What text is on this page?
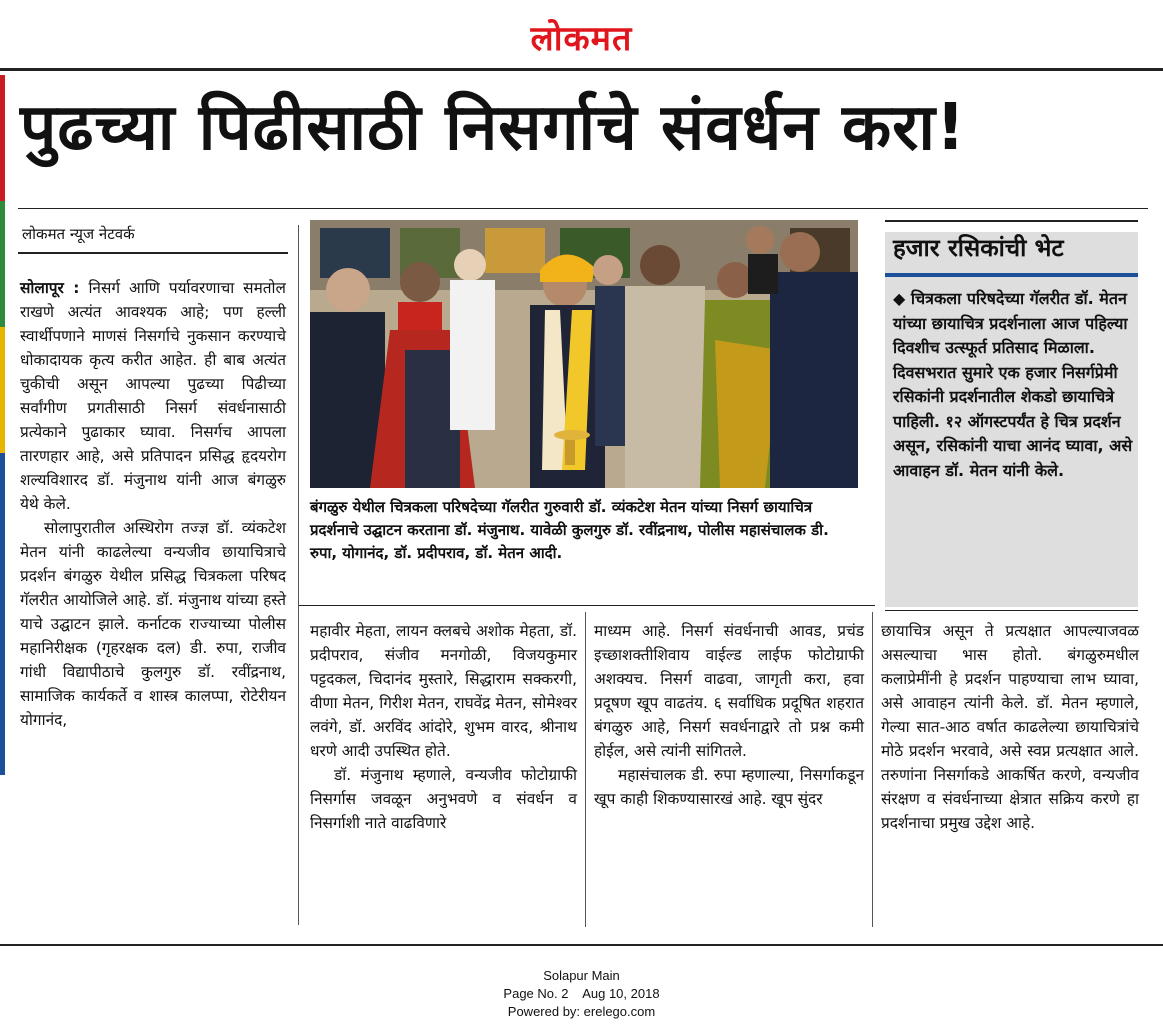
लोकमत
पुढच्या पिढीसाठी निसर्गाचे संवर्धन करा!
लोकमत न्यूज नेटवर्क

सोलापूर : निसर्ग आणि पर्यावरणाचा समतोल राखणे अत्यंत आवश्यक आहे; पण हल्ली स्वार्थीपणाने माणसं निसर्गाचे नुकसान करण्याचे धोकादायक कृत्य करीत आहेत. ही बाब अत्यंत चुकीची असून आपल्या पुढच्या पिढीच्या सर्वांगीण प्रगतीसाठी निसर्ग संवर्धनासाठी प्रत्येकाने पुढाकार घ्यावा. निसर्गच आपला तारणहार आहे, असे प्रतिपादन प्रसिद्ध हृदयरोग शल्यविशारद डॉ. मंजुनाथ यांनी आज बंगळुरु येथे केले.

सोलापुरातील अस्थिरोग तज्ज्ञ डॉ. व्यंकटेश मेतन यांनी काढलेल्या वन्यजीव छायाचित्राचे प्रदर्शन बंगळुरु येथील प्रसिद्ध चित्रकला परिषद गॅलरीत आयोजिले आहे. डॉ. मंजुनाथ यांच्या हस्ते याचे उद्घाटन झाले. कर्नाटक राज्याच्या पोलीस महानिरीक्षक (गृहरक्षक दल) डी. रुपा, राजीव गांधी विद्यापीठाचे कुलगुरु डॉ. रवींद्रनाथ, सामाजिक कार्यकर्ते व शास्त्र कालप्पा, रोटेरीयन योगानंद,

बंगळुरु येथील चित्रकला परिषदेच्या गॅलरीत गुरुवारी डॉ. व्यंकटेश मेतन यांच्या निसर्ग छायाचित्र प्रदर्शनाचे उद्घाटन करताना डॉ. मंजुनाथ. यावेळी कुलगुरु डॉ. रवींद्रनाथ, पोलीस महासंचालक डी. रुपा, योगानंद, डॉ. प्रदीपराव, डॉ. मेतन आदी.
हजार रसिकांची भेट
◆ चित्रकला परिषदेच्या गॅलरीत डॉ. मेतन यांच्या छायाचित्र प्रदर्शनाला आज पहिल्या दिवशीच उत्स्फूर्त प्रतिसाद मिळाला. दिवसभरात सुमारे एक हजार निसर्गप्रेमी रसिकांनी प्रदर्शनातील शेकडो छायाचित्रे पाहिली. १२ ऑगस्टपर्यंत हे चित्र प्रदर्शन असून, रसिकांनी याचा आनंद घ्यावा, असे आवाहन डॉ. मेतन यांनी केले.

महावीर मेहता, लायन क्लबचे अशोक मेहता, डॉ. प्रदीपराव, संजीव मनगोळी, विजयकुमार पट्टदकल, चिदानंद मुस्तारे, सिद्धाराम सक्करगी, वीणा मेतन, गिरीश मेतन, राघवेंद्र मेतन, सोमेश्वर लवंगे, डॉ. अरविंद आंदोरे, शुभम वारद, श्रीनाथ धरणे आदी उपस्थित होते.

डॉ. मंजुनाथ म्हणाले, वन्यजीव फोटोग्राफी निसर्गास जवळून अनुभवणे व संवर्धन व निसर्गाशी नाते वाढविणारे

माध्यम आहे. निसर्ग संवर्धनाची आवड, प्रचंड इच्छाशक्तीशिवाय वाईल्ड लाईफ फोटोग्राफी अशक्यच. निसर्ग वाढवा, जागृती करा, हवा प्रदूषण खूप वाढतंय. ६ सर्वाधिक प्रदूषित शहरात बंगळुरु आहे, निसर्ग सवर्धनाद्वारे तो प्रश्न कमी होईल, असे त्यांनी सांगितले.

महासंचालक डी. रुपा म्हणाल्या, निसर्गाकडून खूप काही शिकण्यासारखं आहे. खूप सुंदर

छायाचित्र असून ते प्रत्यक्षात आपल्याजवळ असल्याचा भास होतो. बंगळुरुमधील कलाप्रेमींनी हे प्रदर्शन पाहण्याचा लाभ घ्यावा, असे आवाहन त्यांनी केले. डॉ. मेतन म्हणाले, गेल्या सात-आठ वर्षात काढलेल्या छायाचित्रांचे मोठे प्रदर्शन भरवावे, असे स्वप्न प्रत्यक्षात आले. तरुणांना निसर्गाकडे आकर्षित करणे, वन्यजीव संरक्षण व संवर्धनाच्या क्षेत्रात सक्रिय करणे हा प्रदर्शनाचा प्रमुख उद्देश आहे.

Solapur Main
Page No. 2 Aug 10, 2018
Powered by: erelego.com
